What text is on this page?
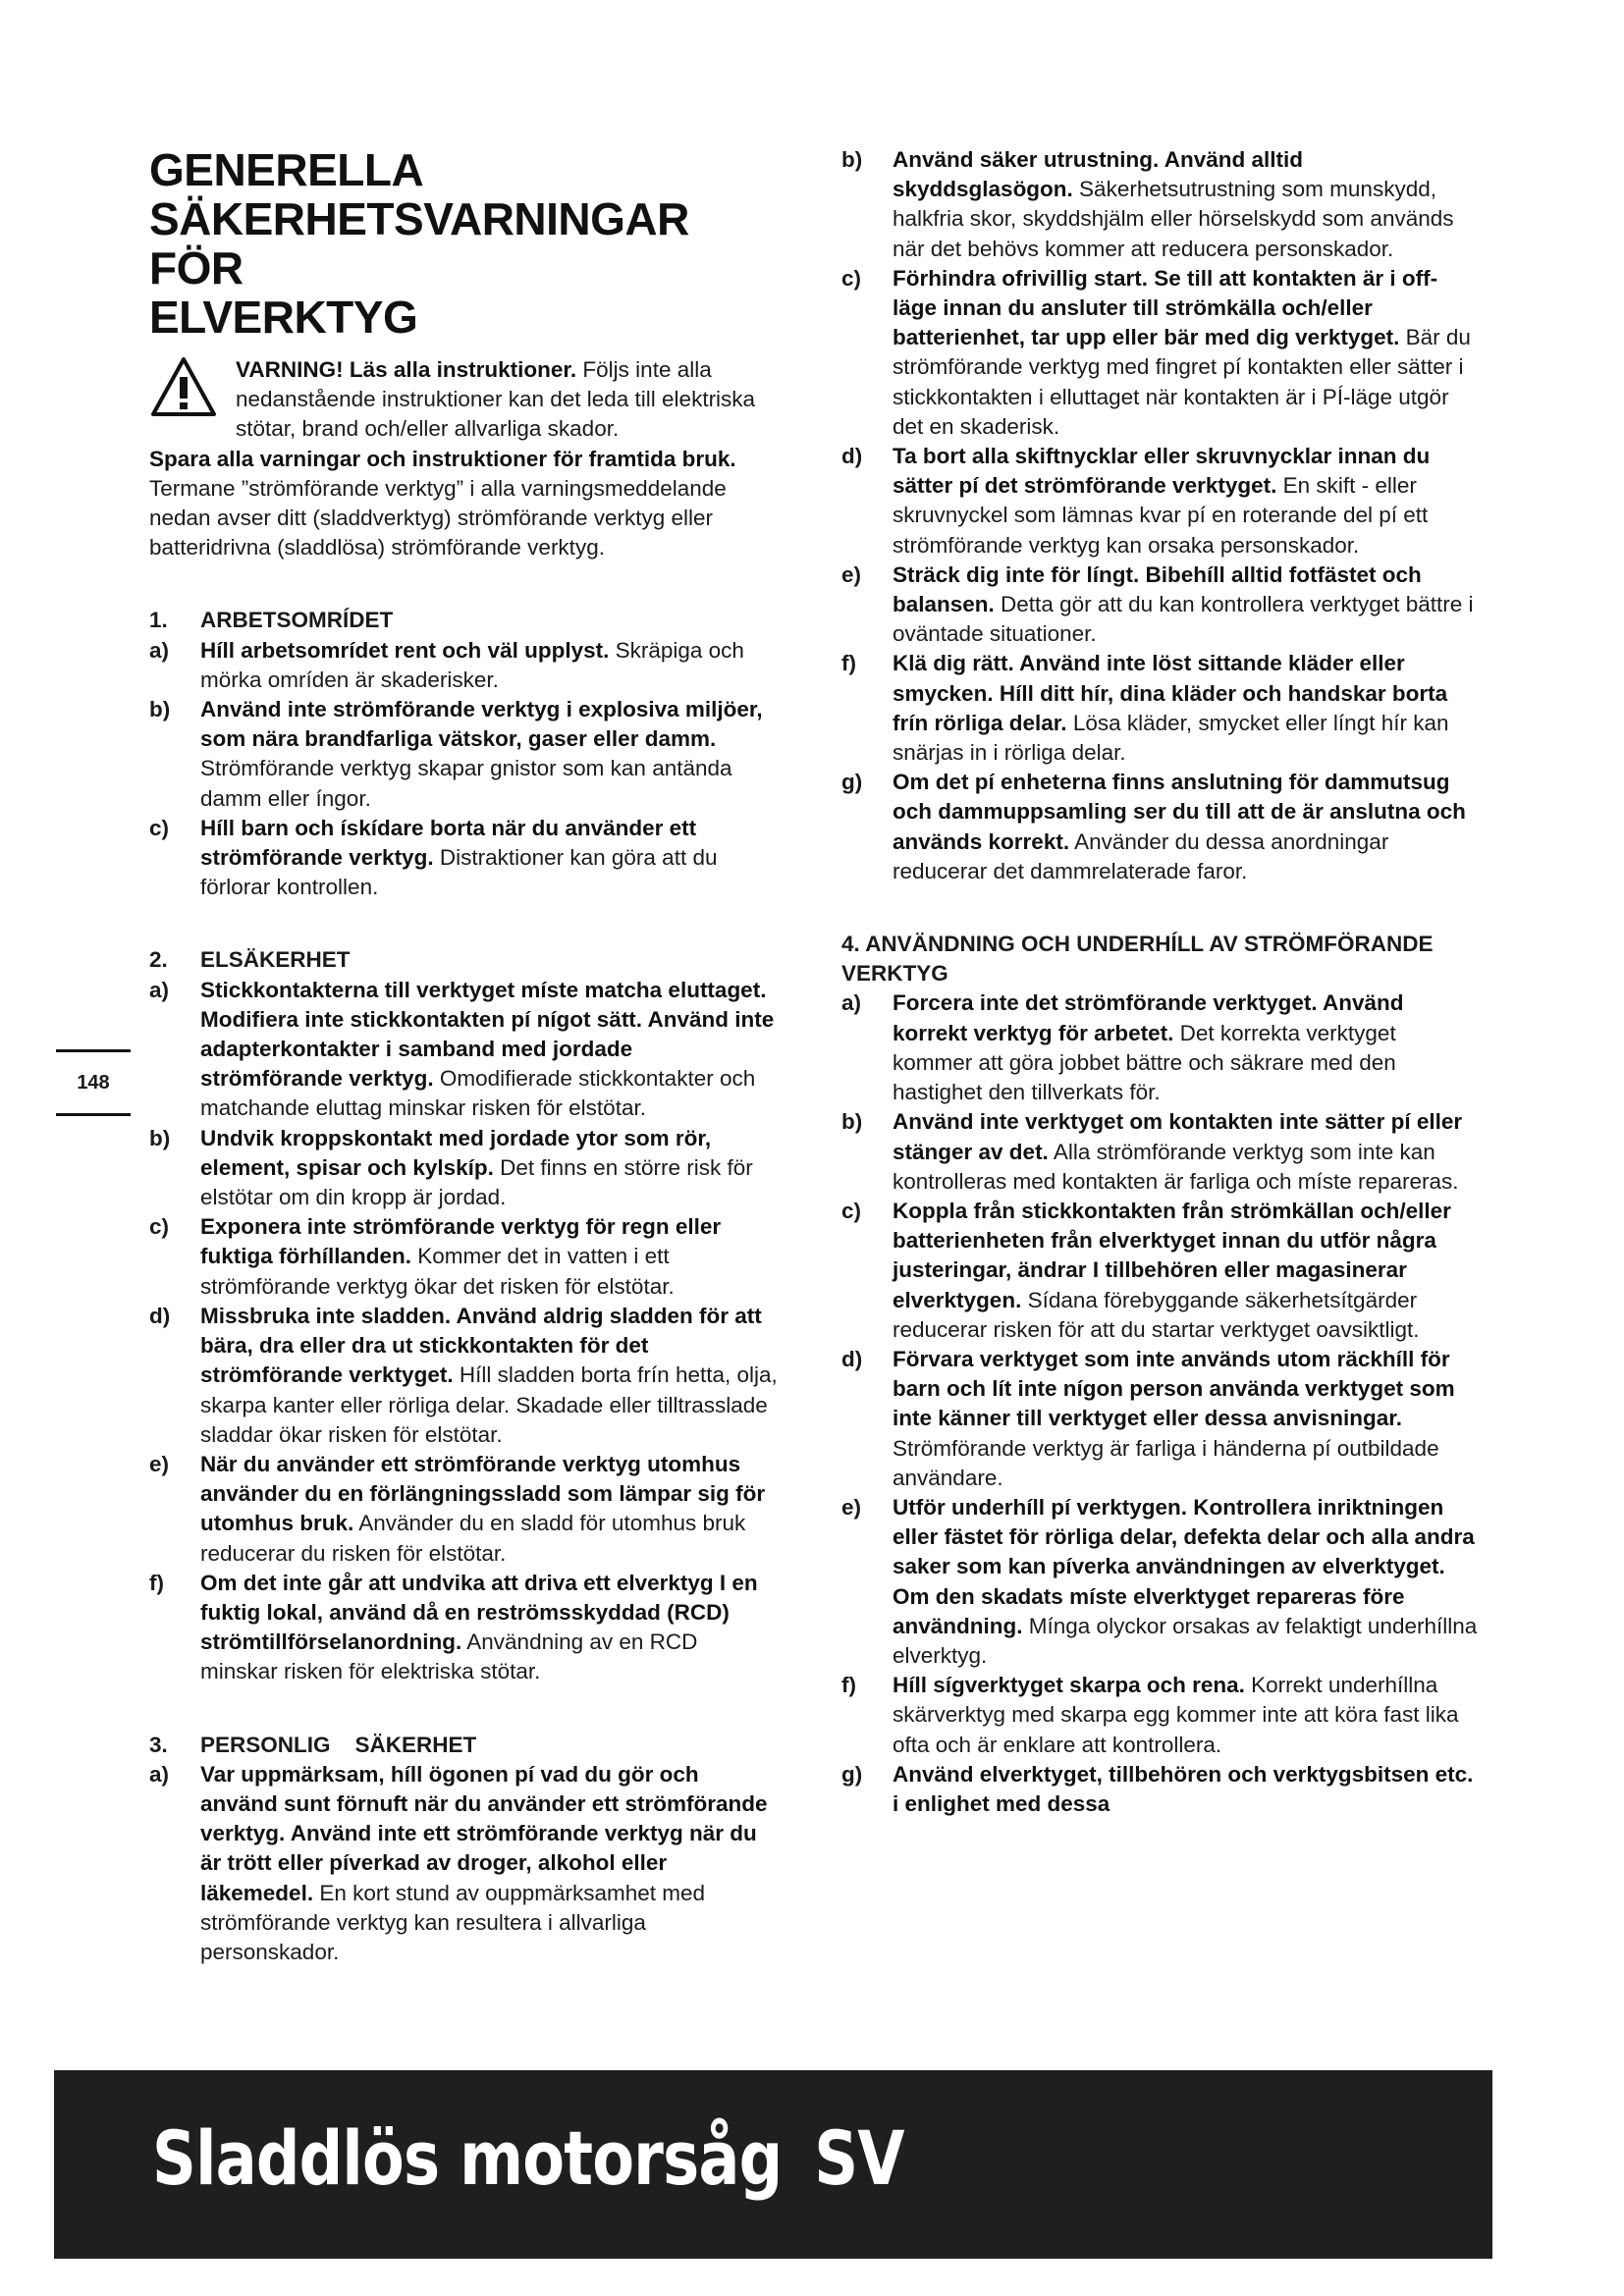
GENERELLA
SÄKERHETSVARNINGAR FÖR
ELVERKTYG

VARNING! Läs alla instruktioner. Följs inte alla nedanstående instruktioner kan det leda till elektriska stötar, brand och/eller allvarliga skador.

Spara alla varningar och instruktioner för framtida bruk.

Termane ”strömförande verktyg” i alla varningsmeddelande nedan avser ditt (sladdverktyg) strömförande verktyg eller batteridrivna (sladdlösa) strömförande verktyg.

1. ARBETSOMRÍDET
a) Híll arbetsomrídet rent och väl upplyst. Skräpiga och mörka omríden är skaderisker.
b) Använd inte strömförande verktyg i explosiva miljöer, som nära brandfarliga vätskor, gaser eller damm. Strömförande verktyg skapar gnistor som kan antända damm eller íngor.
c) Híll barn och ískídare borta när du använder ett strömförande verktyg. Distraktioner kan göra att du förlorar kontrollen.
2. ELSÄKERHET
a) Stickkontakterna till verktyget míste matcha eluttaget. Modifiera inte stickkontakten pí nígot sätt. Använd inte adapterkontakter i samband med jordade strömförande verktyg. Omodifierade stickkontakter och matchande eluttag minskar risken för elstötar.
b) Undvik kroppskontakt med jordade ytor som rör, element, spisar och kylskíp. Det finns en större risk för elstötar om din kropp är jordad.
c) Exponera inte strömförande verktyg för regn eller fuktiga förhíllanden. Kommer det in vatten i ett strömförande verktyg ökar det risken för elstötar.
d) Missbruka inte sladden. Använd aldrig sladden för att bära, dra eller dra ut stickkontakten för det strömförande verktyget. Híll sladden borta frín hetta, olja, skarpa kanter eller rörliga delar. Skadade eller tilltrasslade sladdar ökar risken för elstötar.
e) När du använder ett strömförande verktyg utomhus använder du en förlängningssladd som lämpar sig för utomhus bruk. Använder du en sladd för utomhus bruk reducerar du risken för elstötar.
f) Om det inte går att undvika att driva ett elverktyg I en fuktig lokal, använd då en reströmsskyddad (RCD) strömtillförselanordning. Användning av en RCD minskar risken för elektriska stötar.
3. PERSONLIG    SÄKERHET
a) Var uppmärksam, híll ögonen pí vad du gör och använd sunt förnuft när du använder ett strömförande verktyg. Använd inte ett strömförande verktyg när du är trött eller píverkad av droger, alkohol eller läkemedel. En kort stund av ouppmärksamhet med strömförande verktyg kan resultera i allvarliga personskador.
b) Använd säker utrustning. Använd alltid skyddsglasögon. Säkerhetsutrustning som munskydd, halkfria skor, skyddshjälm eller hörselskydd som används när det behövs kommer att reducera personskador.
c) Förhindra ofrivillig start. Se till att kontakten är i off-läge innan du ansluter till strömkälla och/eller batterienhet, tar upp eller bär med dig verktyget. Bär du strömförande verktyg med fingret pí kontakten eller sätter i stickkontakten i elluttaget när kontakten är i PÍ-läge utgör det en skaderisk.
d) Ta bort alla skiftnycklar eller skruvnycklar innan du sätter pí det strömförande verktyget. En skift - eller skruvnyckel som lämnas kvar pí en roterande del pí ett strömförande verktyg kan orsaka personskador.
e) Sträck dig inte för língt. Bibehíll alltid fotfästet och balansen. Detta gör att du kan kontrollera verktyget bättre i oväntade situationer.
f) Klä dig rätt. Använd inte löst sittande kläder eller smycken. Híll ditt hír, dina kläder och handskar borta frín rörliga delar. Lösa kläder, smycket eller língt hír kan snärjas in i rörliga delar.
g) Om det pí enheterna finns anslutning för dammutsug och dammuppsamling ser du till att de är anslutna och används korrekt. Använder du dessa anordningar reducerar det dammrelaterade faror.
4. ANVÄNDNING OCH UNDERHÍLL AV STRÖMFÖRANDE VERKTYG
a) Forcera inte det strömförande verktyget. Använd korrekt verktyg för arbetet. Det korrekta verktyget kommer att göra jobbet bättre och säkrare med den hastighet den tillverkats för.
b) Använd inte verktyget om kontakten inte sätter pí eller stänger av det. Alla strömförande verktyg som inte kan kontrolleras med kontakten är farliga och míste repareras.
c) Koppla från stickkontakten från strömkällan och/eller batterienheten från elverktyget innan du utför några justeringar, ändrar I tillbehören eller magasinerar elverktygen. Sídana förebyggande säkerhetsítgärder reducerar risken för att du startar verktyget oavsiktligt.
d) Förvara verktyget som inte används utom räckhíll för barn och lít inte nígon person använda verktyget som inte känner till verktyget eller dessa anvisningar. Strömförande verktyg är farliga i händerna pí outbildade användare.
e) Utför underhíll pí verktygen. Kontrollera inriktningen eller fästet för rörliga delar, defekta delar och alla andra saker som kan píverka användningen av elverktyget. Om den skadats míste elverktyget repareras före användning. Mínga olyckor orsakas av felaktigt underhíllna elverktyg.
f) Híll sígverktyget skarpa och rena. Korrekt underhíllna skärverktyg med skarpa egg kommer inte att köra fast lika ofta och är enklare att kontrollera.
g) Använd elverktyget, tillbehören och verktygsbitsen etc. i enlighet med dessa
148
Sladdlös motorsåg SV
